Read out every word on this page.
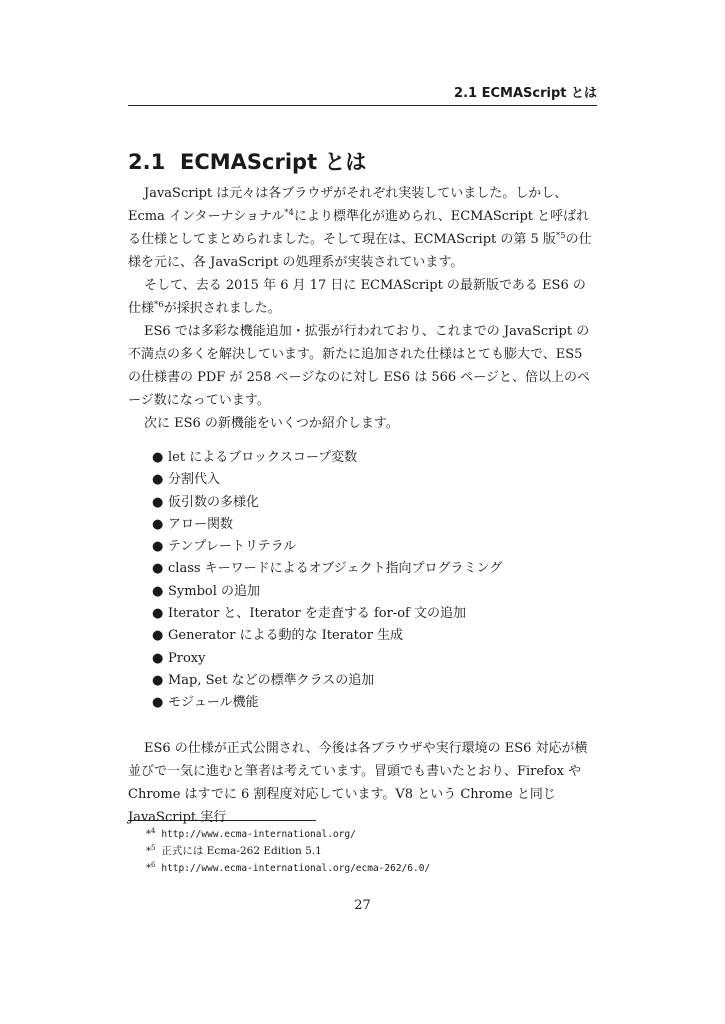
2.1 ECMAScript とは
2.1 ECMAScript とは

JavaScript は元々は各ブラウザがそれぞれ実装していました。しかし、Ecma インターナショナル$^{*4}$により標準化が進められ、ECMAScript と呼ばれる仕様としてまとめられました。そして現在は、ECMAScript の第 5 版$^{*5}$の仕様を元に、各 JavaScript の処理系が実装されています。

そして、去る 2015 年 6 月 17 日に ECMAScript の最新版である ES6 の仕様$^{*6}$が採択されました。

ES6 では多彩な機能追加・拡張が行われており、これまでの JavaScript の不満点の多くを解決しています。新たに追加された仕様はとても膨大で、ES5 の仕様書の PDF が 258 ページなのに対し ES6 は 566 ページと、倍以上のページ数になっています。

次に ES6 の新機能をいくつか紹介します。

● let によるブロックスコープ変数
● 分割代入
● 仮引数の多様化
● アロー関数
● テンプレートリテラル
● class キーワードによるオブジェクト指向プログラミング
● Symbol の追加
● Iterator と、Iterator を走査する for-of 文の追加
● Generator による動的な Iterator 生成
● Proxy
● Map, Set などの標準クラスの追加
● モジュール機能

ES6 の仕様が正式公開され、今後は各ブラウザや実行環境の ES6 対応が横並びで一気に進むと筆者は考えています。冒頭でも書いたとおり、Firefox や Chrome はすでに 6 割程度対応しています。V8 という Chrome と同じ JavaScript 実行

*$^4$ http://www.ecma-international.org/
*$^5$ 正式には Ecma-262 Edition 5.1
*$^6$ http://www.ecma-international.org/ecma-262/6.0/
27
